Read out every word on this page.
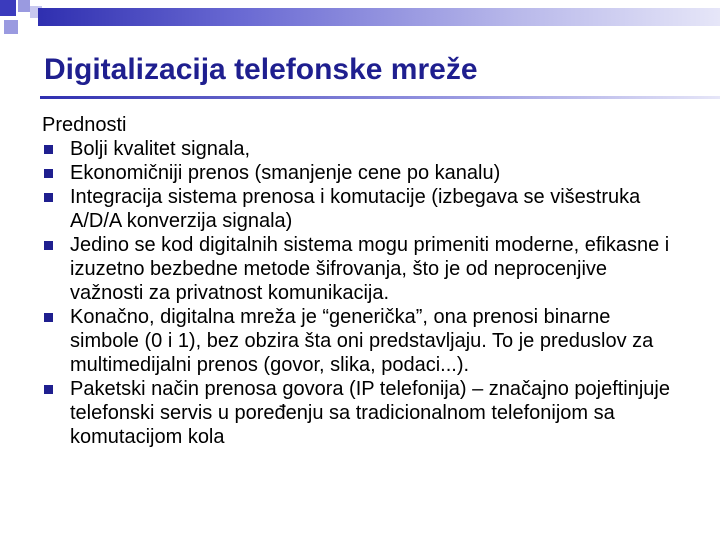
Digitalizacija telefonske mreže

Prednosti

Bolji kvalitet signala,
Ekonomičniji prenos (smanjenje cene po kanalu)
Integracija sistema prenosa i komutacije (izbegava se višestruka A/D/A konverzija signala)
Jedino se kod digitalnih sistema mogu primeniti moderne, efikasne i izuzetno bezbedne metode šifrovanja, što je od neprocenjive važnosti za privatnost komunikacija.
Konačno, digitalna mreža je “generička”, ona prenosi binarne simbole (0 i 1), bez obzira šta oni predstavljaju. To je preduslov za multimedijalni prenos (govor, slika, podaci...).
Paketski način prenosa govora (IP telefonija) – značajno pojeftinjuje telefonski servis u poređenju sa tradicionalnom telefonijom sa komutacijom kola
